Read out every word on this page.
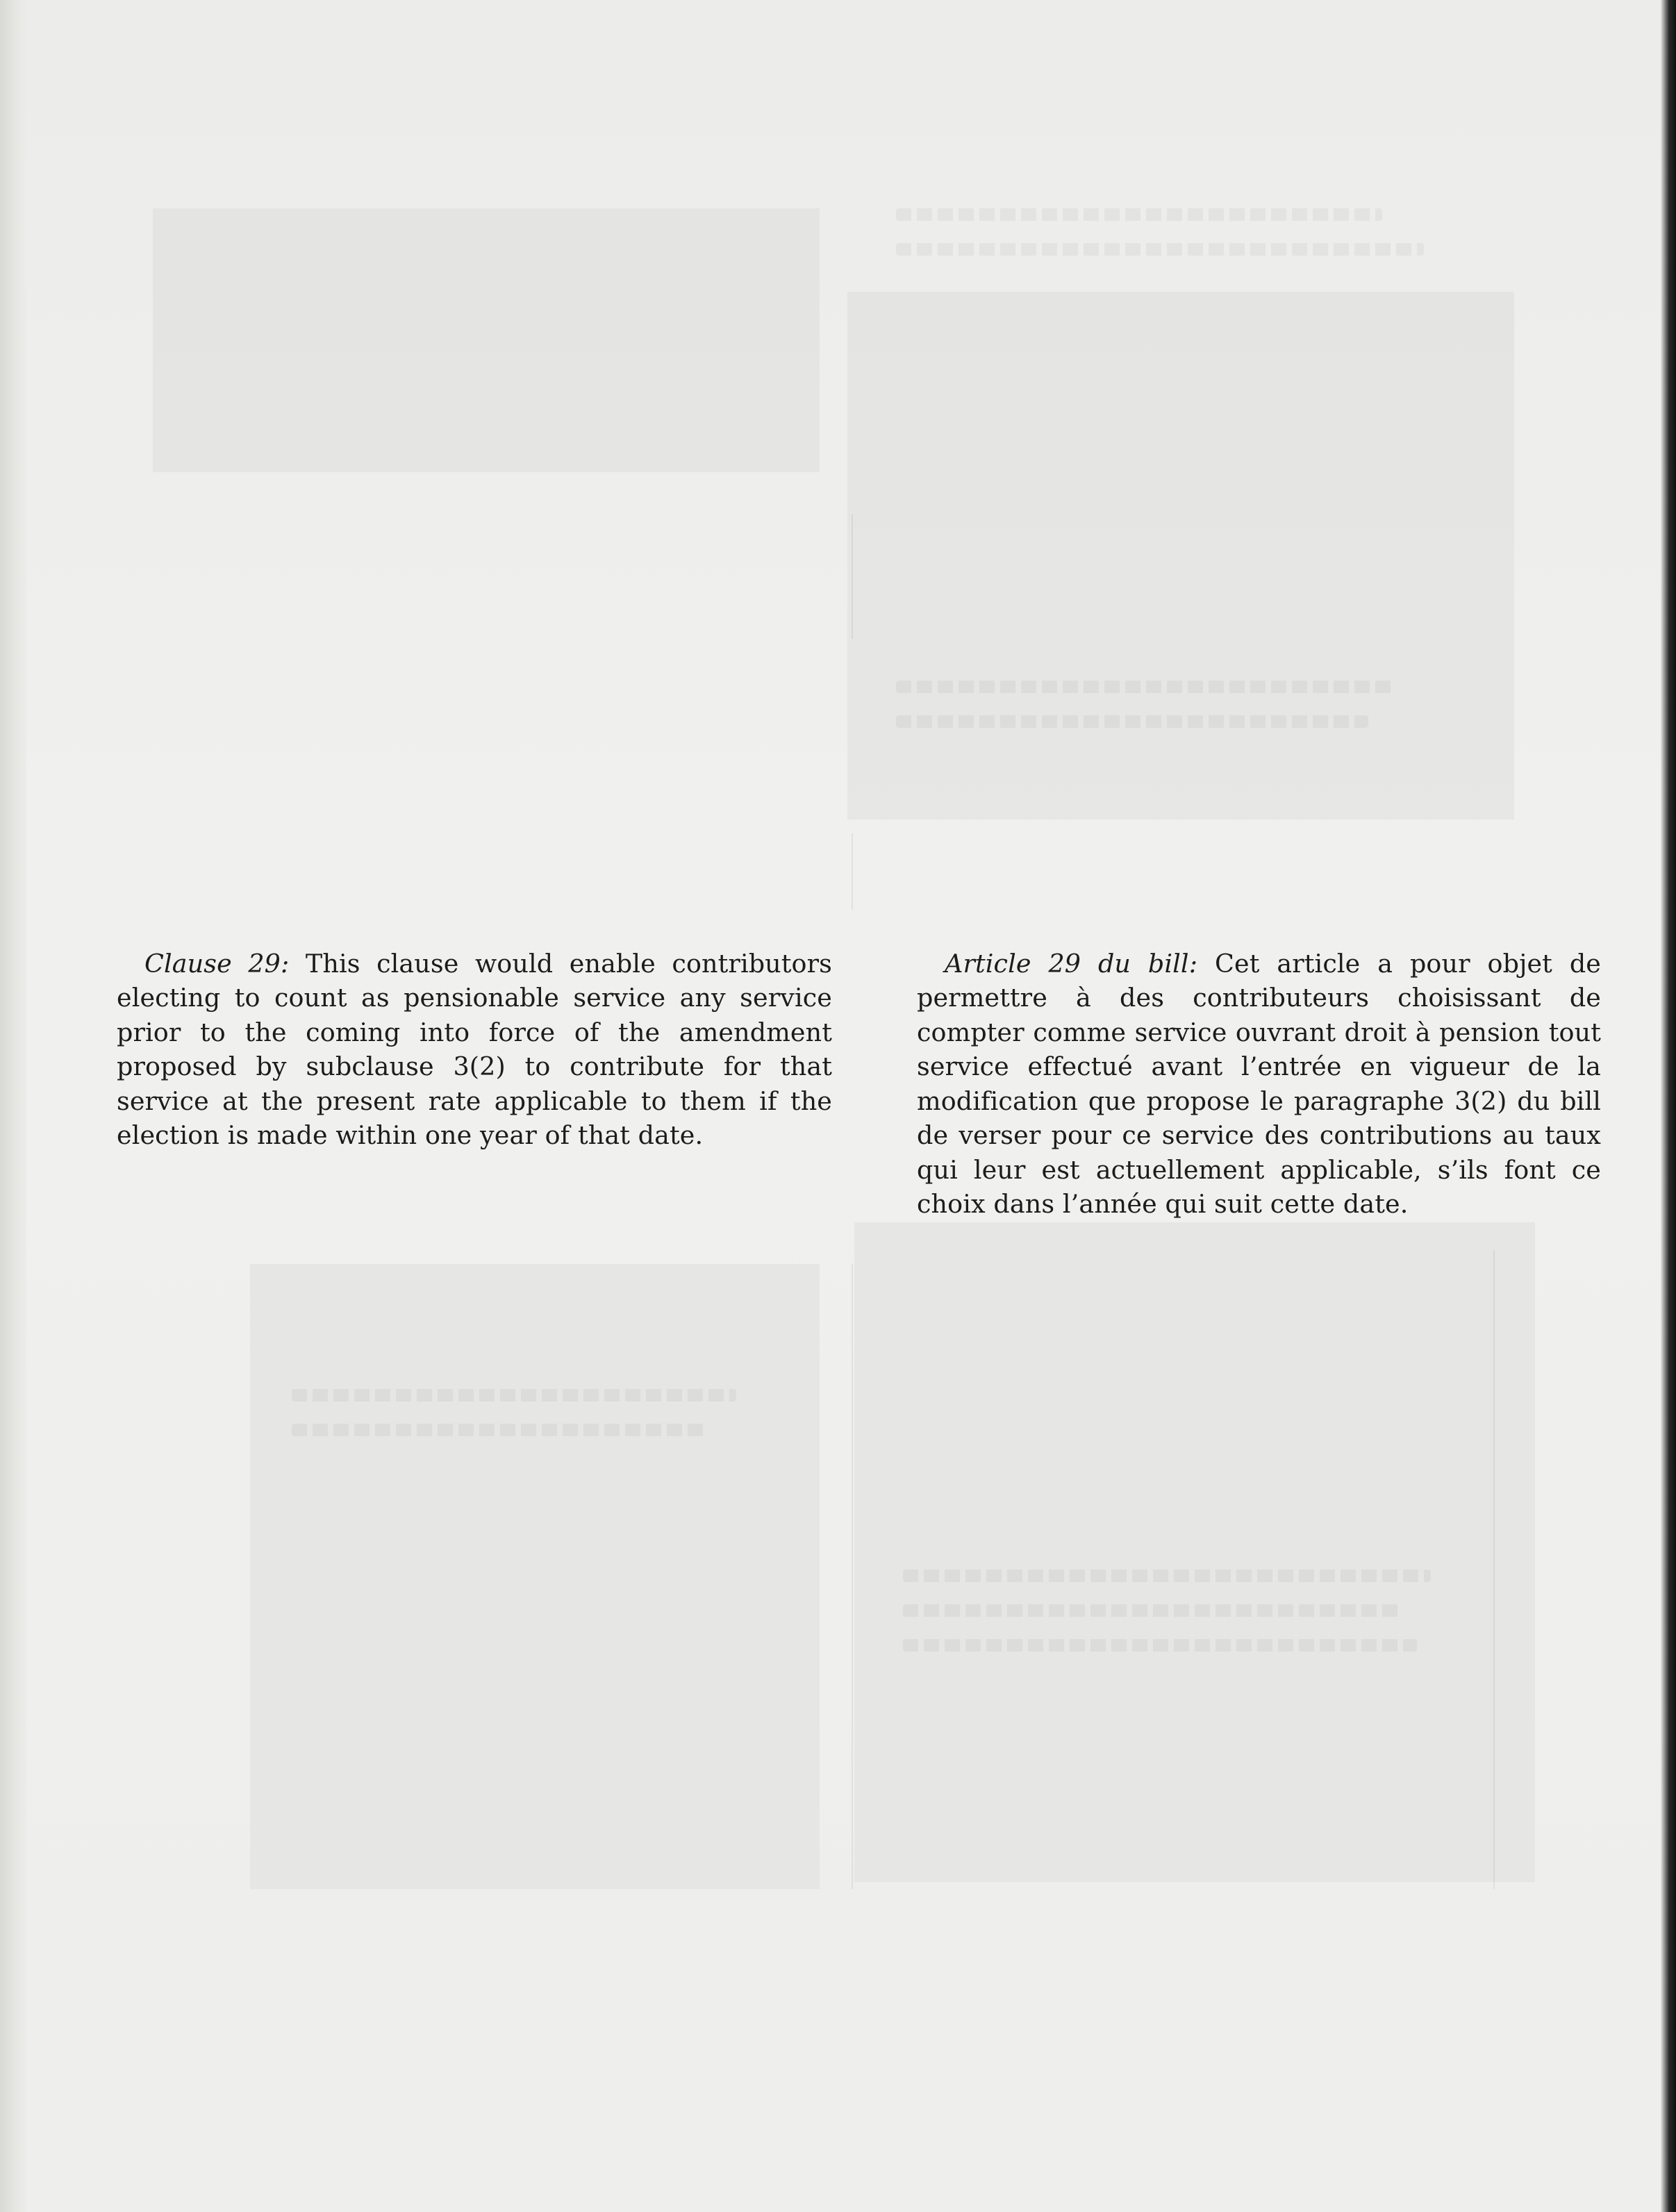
Clause 29: This clause would enable contributors electing to count as pensionable service any service prior to the coming into force of the amendment proposed by subclause 3(2) to contribute for that service at the present rate applicable to them if the election is made within one year of that date.

Article 29 du bill: Cet article a pour objet de permettre à des contributeurs choisissant de compter comme service ouvrant droit à pension tout service effectué avant l’entrée en vigueur de la modification que propose le paragraphe 3(2) du bill de verser pour ce service des contributions au taux qui leur est actuellement applicable, s’ils font ce choix dans l’année qui suit cette date.
